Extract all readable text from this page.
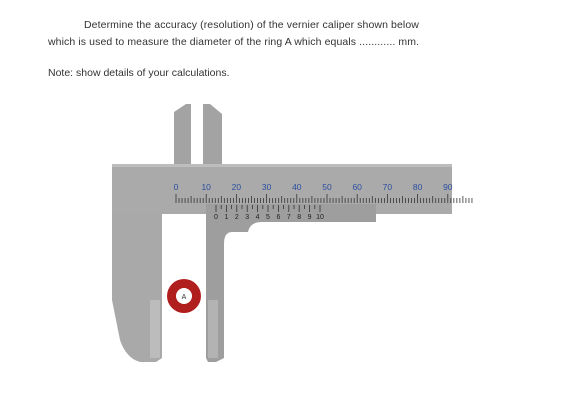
Determine the accuracy (resolution) of the vernier caliper shown below
which is used to measure the diameter of the ring A which equals ............ mm.
Note: show details of your calculations.
0	10 20 30 40 50 60 70 80 90
0 1 2 3 4 5 6 7 8 9 10
A
